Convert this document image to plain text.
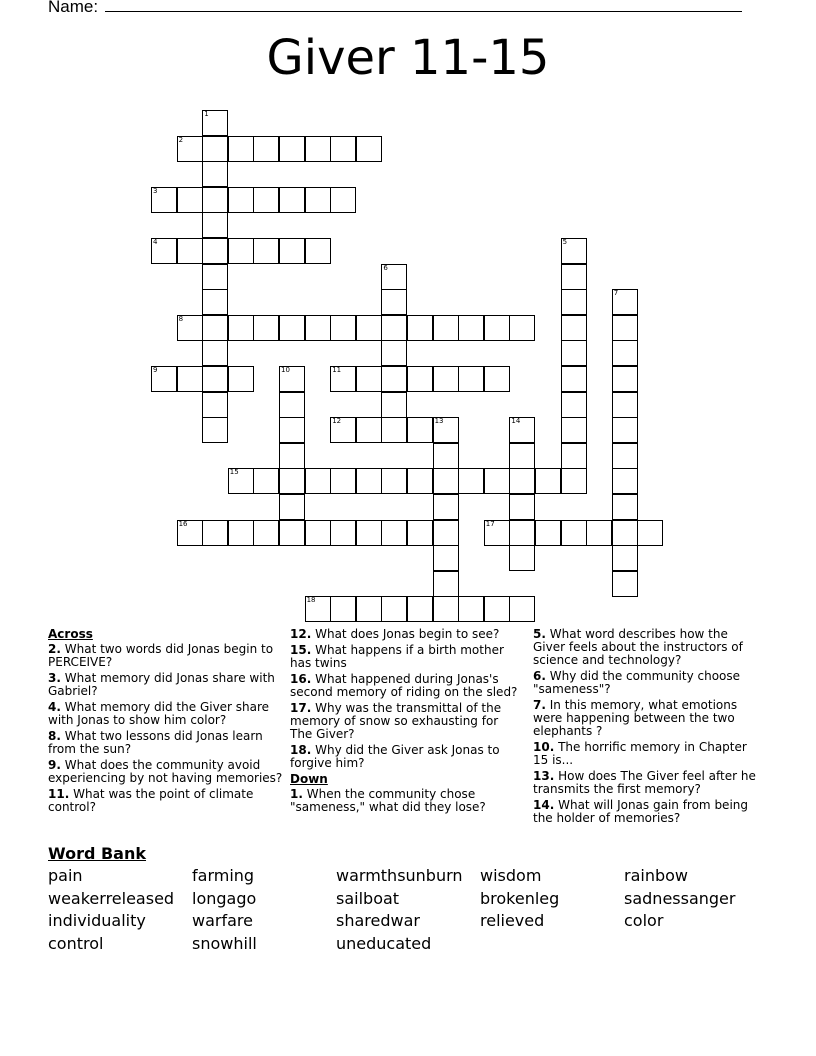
Name:
Giver 11-15
1
2
3
4	5
6
7
8
9	10	11
12	13	14
15
16	17
18
Across
2. What two words did Jonas begin to PERCEIVE?
3. What memory did Jonas share with Gabriel?
4. What memory did the Giver share with Jonas to show him color?
8. What two lessons did Jonas learn from the sun?
9. What does the community avoid experiencing by not having memories?
11. What was the point of climate control?
12. What does Jonas begin to see?
15. What happens if a birth mother has twins
16. What happened during Jonas's second memory of riding on the sled?
17. Why was the transmittal of the memory of snow so exhausting for The Giver?
18. Why did the Giver ask Jonas to forgive him?
Down
1. When the community chose "sameness," what did they lose?
5. What word describes how the Giver feels about the instructors of science and technology?
6. Why did the community choose "sameness"?
7. In this memory, what emotions were happening between the two elephants ?
10. The horrific memory in Chapter 15 is...
13. How does The Giver feel after he transmits the first memory?
14. What will Jonas gain from being the holder of memories?
Word Bank
pain	farming	warmthsunburn	wisdom	rainbow
weakerreleased	longago	sailboat	brokenleg	sadnessanger
individuality	warfare	sharedwar	relieved	color
control	snowhill	uneducated
